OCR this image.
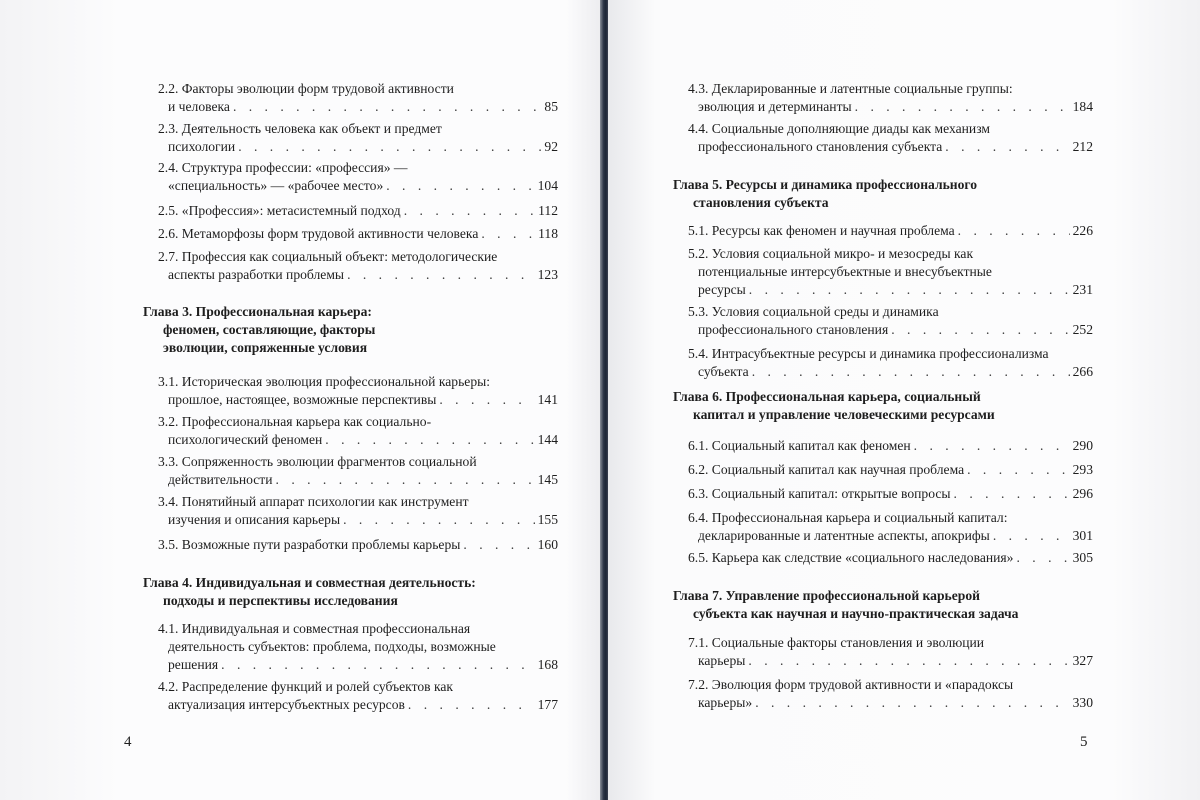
2.2. Факторы эволюции форм трудовой активности
и человека . . .	85
2.3. Деятельность человека как объект и предмет
психологии . . .	92
2.4. Структура профессии: «профессия» —
«специальность» — «рабочее место» . . .	104
2.5. «Профессия»: метасистемный подход . . .	112
2.6. Метаморфозы форм трудовой активности человека . . .	118
2.7. Профессия как социальный объект: методологические
аспекты разработки проблемы . . .	123
Глава 3. Профессиональная карьера:
феномен, составляющие, факторы
эволюции, сопряженные условия
3.1. Историческая эволюция профессиональной карьеры:
прошлое, настоящее, возможные перспективы . . .	141
3.2. Профессиональная карьера как социально-
психологический феномен . . .	144
3.3. Сопряженность эволюции фрагментов социальной
действительности . . .	145
3.4. Понятийный аппарат психологии как инструмент
изучения и описания карьеры . . .	155
3.5. Возможные пути разработки проблемы карьеры . . .	160
Глава 4. Индивидуальная и совместная деятельность:
подходы и перспективы исследования
4.1. Индивидуальная и совместная профессиональная
деятельность субъектов: проблема, подходы, возможные
решения . . .	168
4.2. Распределение функций и ролей субъектов как
актуализация интерсубъектных ресурсов . . .	177
4
4.3. Декларированные и латентные социальные группы:
эволюция и детерминанты . . .	184
4.4. Социальные дополняющие диады как механизм
профессионального становления субъекта . . .	212
Глава 5. Ресурсы и динамика профессионального
становления субъекта
5.1. Ресурсы как феномен и научная проблема . . .	226
5.2. Условия социальной микро- и мезосреды как
потенциальные интерсубъектные и внесубъектные
ресурсы . . .	231
5.3. Условия социальной среды и динамика
профессионального становления . . .	252
5.4. Интрасубъектные ресурсы и динамика профессионализма
субъекта . . .	266
Глава 6. Профессиональная карьера, социальный
капитал и управление человеческими ресурсами
6.1. Социальный капитал как феномен . . .	290
6.2. Социальный капитал как научная проблема . . .	293
6.3. Социальный капитал: открытые вопросы . . .	296
6.4. Профессиональная карьера и социальный капитал:
декларированные и латентные аспекты, апокрифы . . .	301
6.5. Карьера как следствие «социального наследования» . . .	305
Глава 7. Управление профессиональной карьерой
субъекта как научная и научно-практическая задача
7.1. Социальные факторы становления и эволюции
карьеры . . .	327
7.2. Эволюция форм трудовой активности и «парадоксы
карьеры» . . .	330
5
